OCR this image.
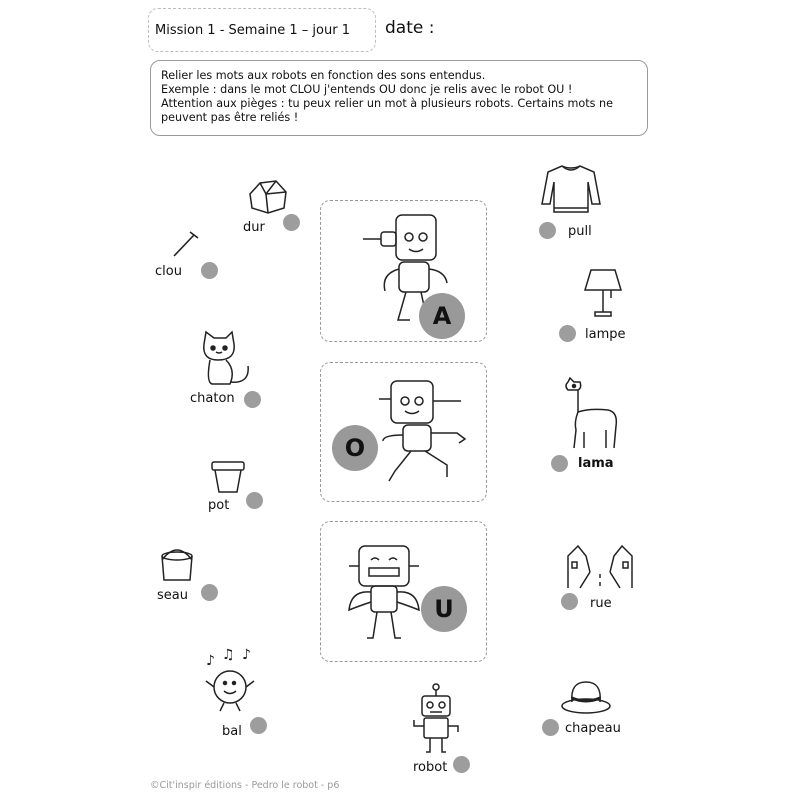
Mission 1 - Semaine 1 – jour 1 date :
Relier les mots aux robots en fonction des sons entendus.
Exemple : dans le mot CLOU j'entends OU donc je relis avec le robot OU !
Attention aux pièges : tu peux relier un mot à plusieurs robots. Certains mots ne
peuvent pas être reliés !
A
O
U
dur
clou
chaton
pot
seau
♪ ♫ ♪
bal
robot
pull
lampe
lama
rue
chapeau
©Cit'inspir éditions - Pedro le robot - p6
